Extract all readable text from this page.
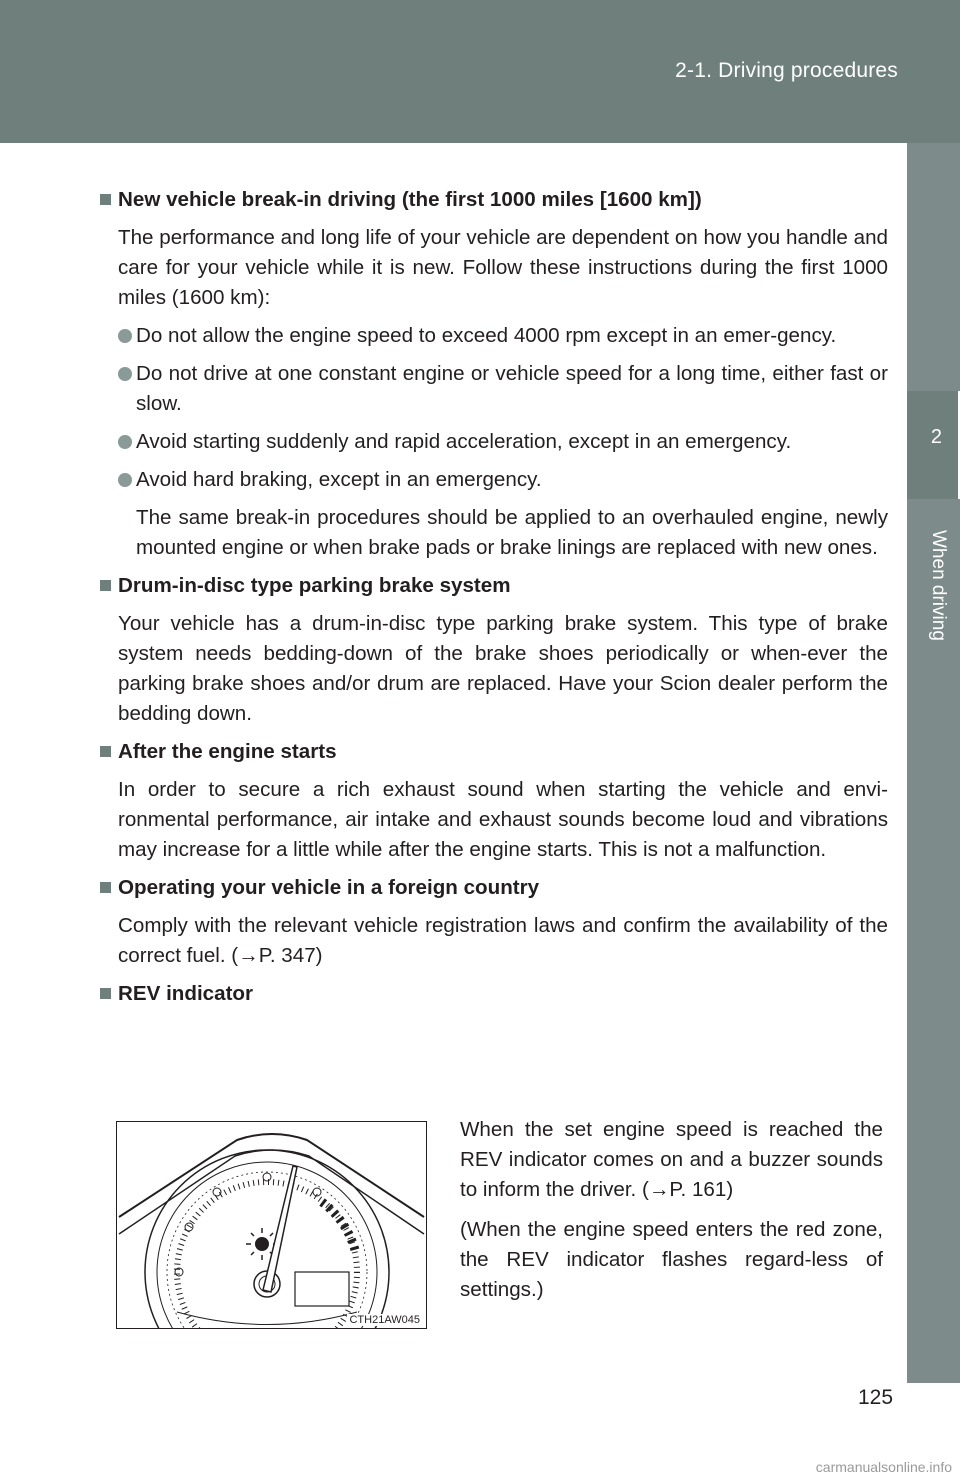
2-1. Driving procedures
2
When driving
New vehicle break-in driving (the first 1000 miles [1600 km])
The performance and long life of your vehicle are dependent on how you handle and care for your vehicle while it is new. Follow these instructions during the first 1000 miles (1600 km):
Do not allow the engine speed to exceed 4000 rpm except in an emer-gency.
Do not drive at one constant engine or vehicle speed for a long time, either fast or slow.
Avoid starting suddenly and rapid acceleration, except in an emergency.
Avoid hard braking, except in an emergency.
The same break-in procedures should be applied to an overhauled engine, newly mounted engine or when brake pads or brake linings are replaced with new ones.
Drum-in-disc type parking brake system
Your vehicle has a drum-in-disc type parking brake system. This type of brake system needs bedding-down of the brake shoes periodically or when-ever the parking brake shoes and/or drum are replaced. Have your Scion dealer perform the bedding down.
After the engine starts
In order to secure a rich exhaust sound when starting the vehicle and envi-ronmental performance, air intake and exhaust sounds become loud and vibrations may increase for a little while after the engine starts. This is not a malfunction.
Operating your vehicle in a foreign country
Comply with the relevant vehicle registration laws and confirm the availability of the correct fuel. (→P. 347)
REV indicator
CTH21AW045

When the set engine speed is reached the REV indicator comes on and a buzzer sounds to inform the driver. (→P. 161)

(When the engine speed enters the red zone, the REV indicator flashes regard-less of settings.)

125
carmanualsonline.info
